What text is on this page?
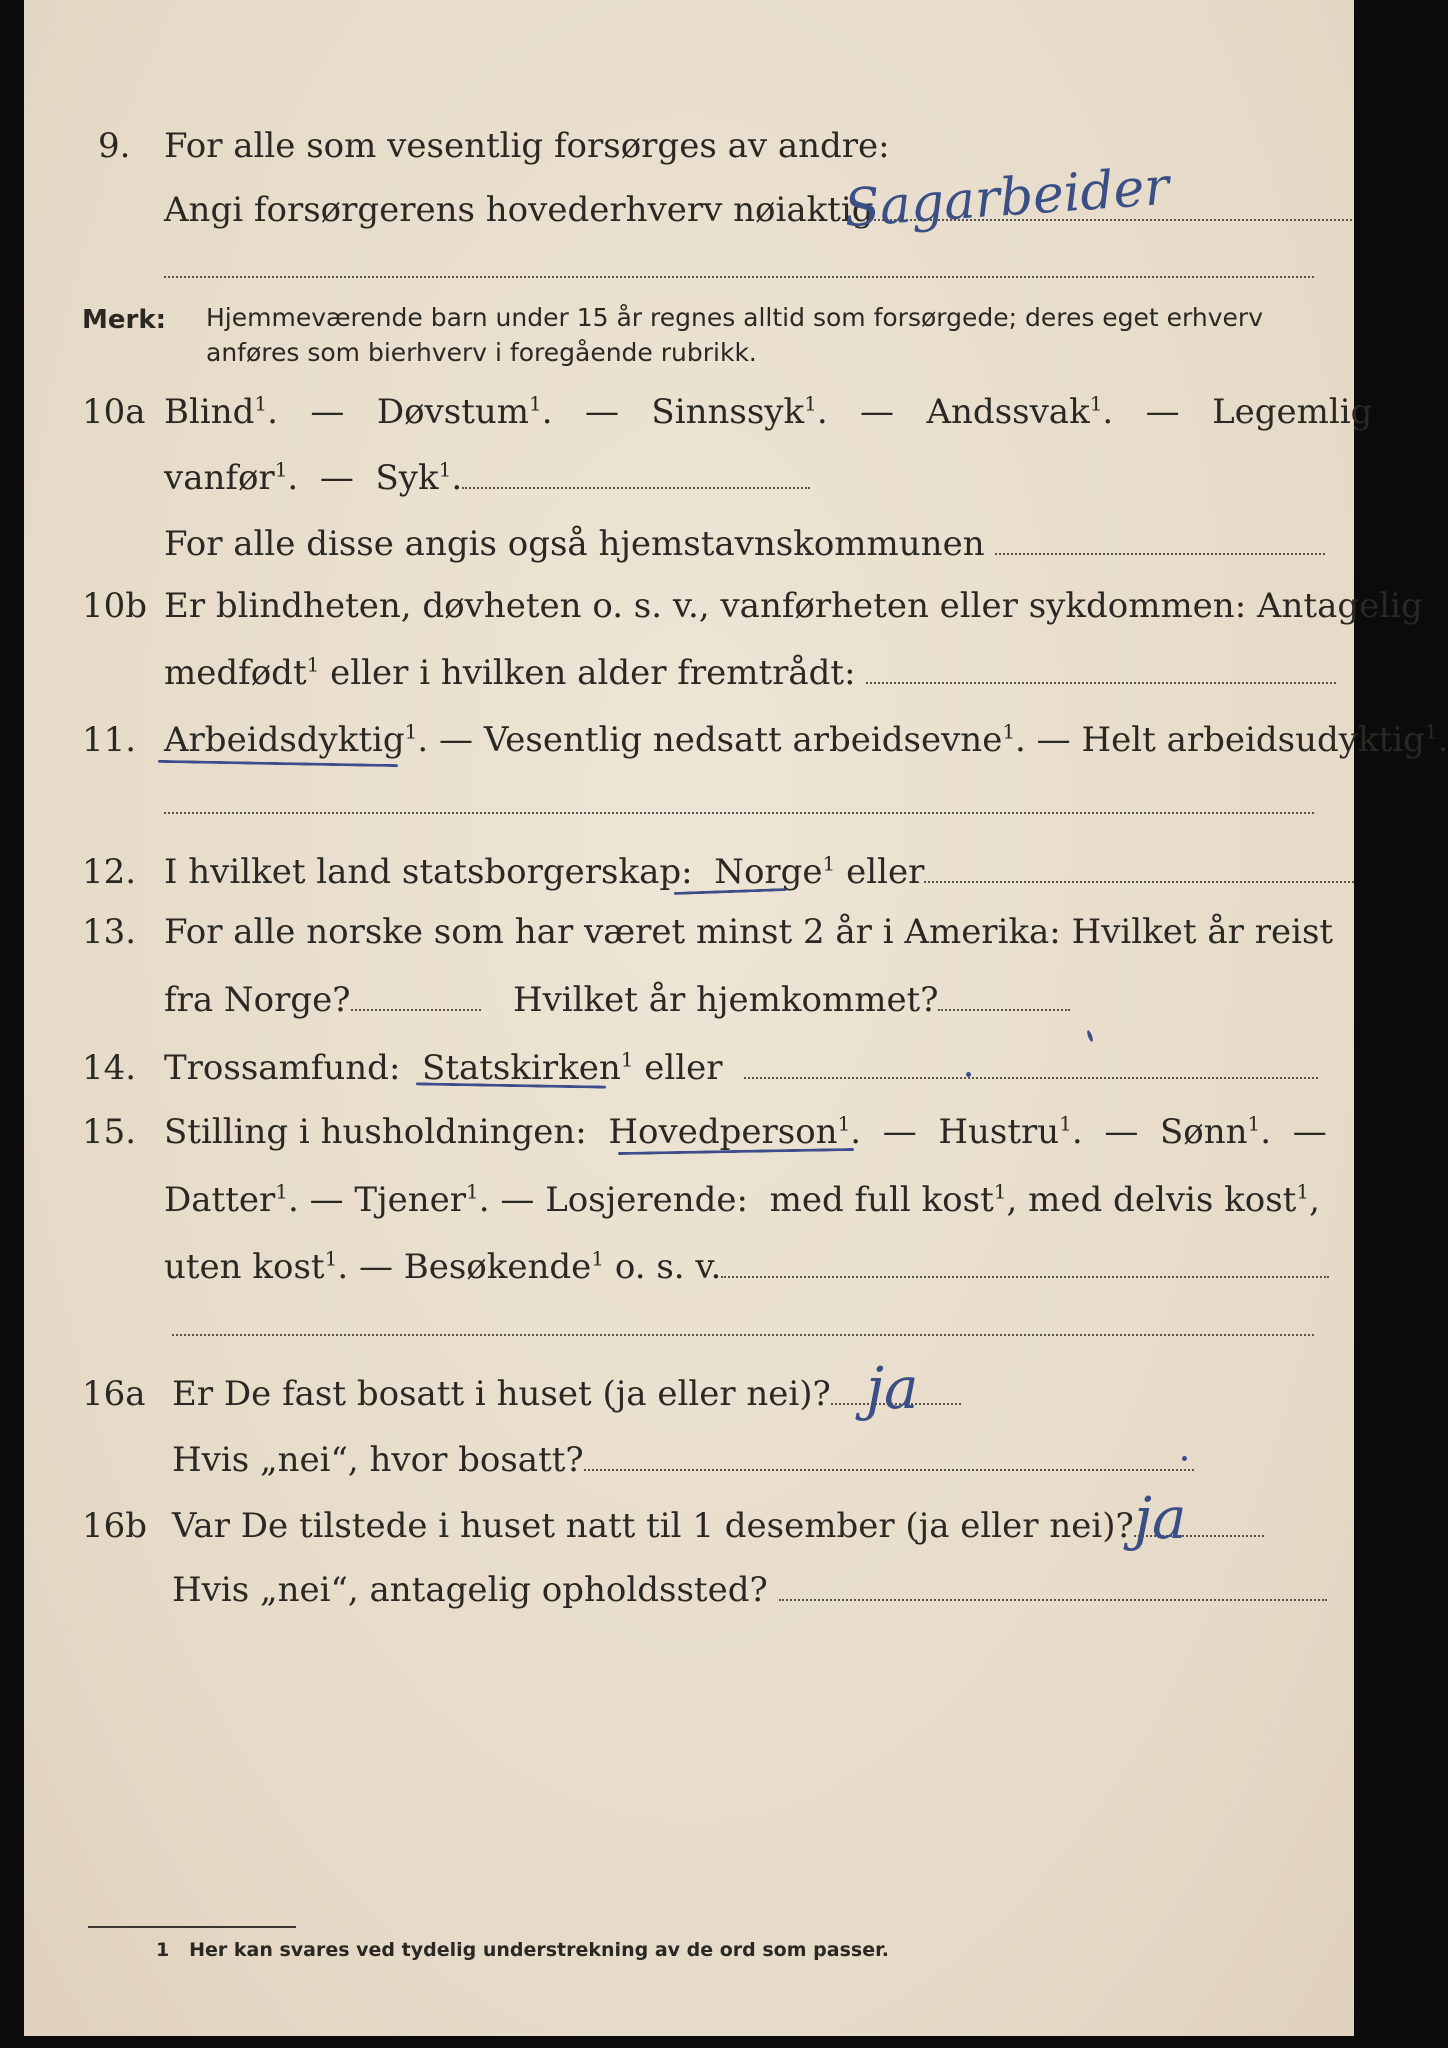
9. For alle som vesentlig forsørges av andre:
Angi forsørgerens hovederhverv nøiaktig
Sagarbeider
Merk: Hjemmeværende barn under 15 år regnes alltid som forsørgede; deres eget erhverv
anføres som bierhverv i foregående rubrikk.
10a Blind$^1$.   — Døvstum$^1$.   — Sinnssyk$^1$.   — Andssvak$^1$.   — Legemlig
vanfør$^1$.  — Syk$^1$.
For alle disse angis også hjemstavnskommunen
10b Er blindheten, døvheten o. s. v., vanførheten eller sykdommen: Antagelig
medfødt$^1$ eller i hvilken alder fremtrådt:
11. Arbeidsdyktig$^1$. — Vesentlig nedsatt arbeidsevne$^1$. — Helt arbeidsudyktig$^1$.
12. I hvilket land statsborgerskap: Norge$^1$ eller
13. For alle norske som har været minst 2 år i Amerika: Hvilket år reist
fra Norge?	Hvilket år hjemkommet?
14. Trossamfund: Statskirken$^1$ eller
15. Stilling i husholdningen: Hovedperson$^1$.  — Hustru$^1$.  — Sønn$^1$.  —
Datter$^1$. — Tjener$^1$. — Losjerende: med full kost$^1$, med delvis kost$^1$,
uten kost$^1$. — Besøkende$^1$ o. s. v.
16a Er De fast bosatt i huset (ja eller nei)? ja
Hvis „nei“, hvor bosatt?
16b Var De tilstede i huset natt til 1 desember (ja eller nei)? ja
Hvis „nei“, antagelig opholdssted?
1 Her kan svares ved tydelig understrekning av de ord som passer.
